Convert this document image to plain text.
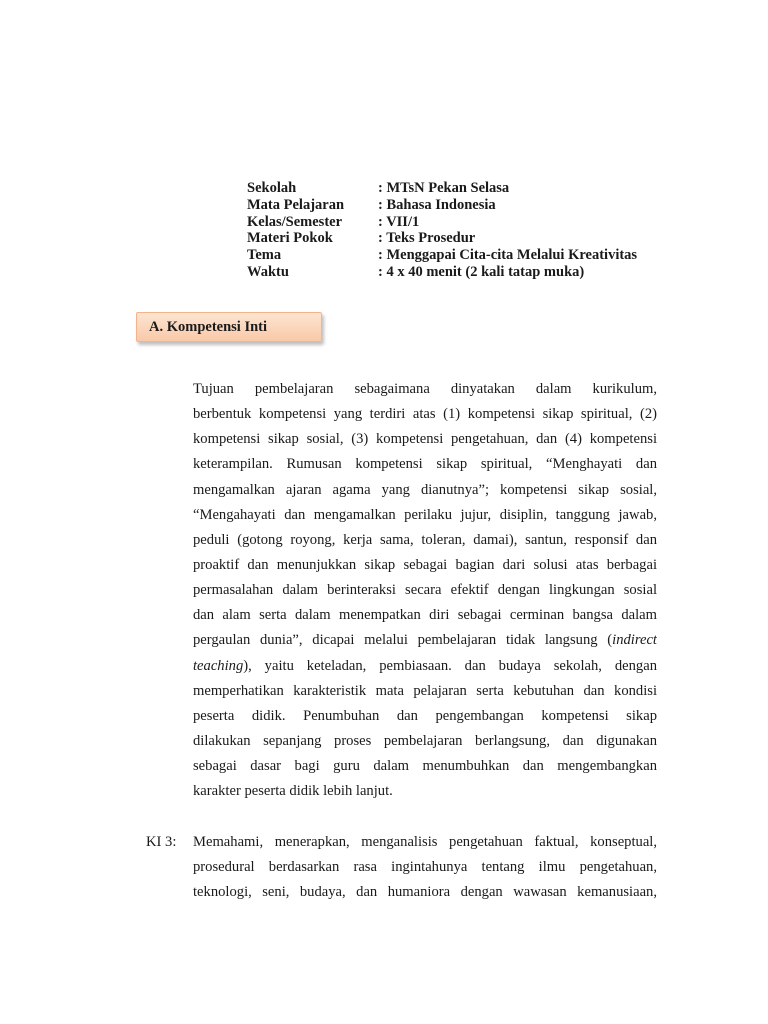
Sekolah	: MTsN Pekan Selasa
Mata Pelajaran	: Bahasa Indonesia
Kelas/Semester	: VII/1
Materi Pokok	: Teks Prosedur
Tema	: Menggapai Cita-cita Melalui Kreativitas
Waktu	: 4 x 40 menit (2 kali tatap muka)
A. Kompetensi Inti
Tujuan pembelajaran sebagaimana dinyatakan dalam kurikulum,
berbentuk kompetensi yang terdiri atas (1) kompetensi sikap spiritual, (2)
kompetensi sikap sosial, (3) kompetensi pengetahuan, dan (4) kompetensi
keterampilan. Rumusan kompetensi sikap spiritual, “Menghayati dan
mengamalkan ajaran agama yang dianutnya”; kompetensi sikap sosial,
“Mengahayati dan mengamalkan perilaku jujur, disiplin, tanggung jawab,
peduli (gotong royong, kerja sama, toleran, damai), santun, responsif dan
proaktif dan menunjukkan sikap sebagai bagian dari solusi atas berbagai
permasalahan dalam berinteraksi secara efektif dengan lingkungan sosial
dan alam serta dalam menempatkan diri sebagai cerminan bangsa dalam
pergaulan dunia”, dicapai melalui pembelajaran tidak langsung (indirect
teaching), yaitu keteladan, pembiasaan. dan budaya sekolah, dengan
memperhatikan karakteristik mata pelajaran serta kebutuhan dan kondisi
peserta didik. Penumbuhan dan pengembangan kompetensi sikap
dilakukan sepanjang proses pembelajaran berlangsung, dan digunakan
sebagai dasar bagi guru dalam menumbuhkan dan mengembangkan
karakter peserta didik lebih lanjut.
KI 3: Memahami, menerapkan, menganalisis pengetahuan faktual, konseptual,
prosedural berdasarkan rasa ingintahunya tentang ilmu pengetahuan,
teknologi, seni, budaya, dan humaniora dengan wawasan kemanusiaan,
